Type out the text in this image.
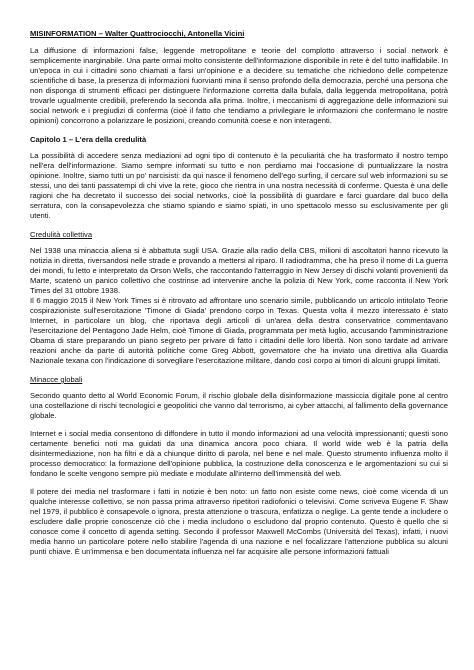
MISINFORMATION – Walter Quattrociocchi, Antonella Vicini

La diffusione di informazioni false, leggende metropolitane e teorie del complotto attraverso i social network è semplicemente inarginabile. Una parte ormai molto consistente dell'informazione disponibile in rete è del tutto inaffidabile. In un'epoca in cui i cittadini sono chiamati a farsi un'opinione e a decidere su tematiche che richiedono delle competenze scientifiche di base, la presenza di informazioni fuorvianti mina il senso profondo della democrazia, perché una persona che non disponga di strumenti efficaci per distinguere l'informazione corretta dalla bufala, dalla leggenda metropolitana, potrà trovarle ugualmente credibili, preferendo la seconda alla prima. Inoltre, i meccanismi di aggregazione delle informazioni sui social network e i pregiudizi di conferma (cioè il fatto che tendiamo a privilegiare le informazioni che confermano le nostre opinioni) concorrono a polarizzare le posizioni, creando comunità coese e non interagenti.

Capitolo 1 – L'era della credulità

La possibilità di accedere senza mediazioni ad ogni tipo di contenuto è la peculiarità che ha trasformato il nostro tempo nell'era dell'informazione. Siamo sempre informati su tutto e non perdiamo mai l'occasione di puntualizzare la nostra opinione. Inoltre, siamo tutti un po' narcisisti: da qui nasce il fenomeno dell'ego surfing, il cercare sul web informazioni su se stessi, uno dei tanti passatempi di chi vive la rete, gioco che rientra in una nostra necessità di conferme. Questa è una delle ragioni che ha decretato il successo dei social networks, cioè la possibilità di guardare e farci guardare dal buco della serratura, con la consapevolezza che stiamo spiando e siamo spiati, in uno spettacolo messo su esclusivamente per gli utenti.

Credulità collettiva

Nel 1938 una minaccia aliena si è abbattuta sugli USA. Grazie alla radio della CBS, milioni di ascoltatori hanno ricevuto la notizia in diretta, riversandosi nelle strade e provando a mettersi al riparo. Il radiodramma, che ha preso il nome di La guerra dei mondi, fu letto e interpretato da Orson Wells, che raccontando l'atterraggio in New Jersey di dischi volanti provenienti da Marte, scatenò un panico collettivo che costrinse ad intervenire anche la polizia di New York, come racconta il New York Times del 31 ottobre 1938.

Il 6 maggio 2015 il New York Times si è ritrovato ad affrontare uno scenario simile, pubblicando un articolo intitolato Teorie cospirazioniste sull'esercitazione 'Timone di Giada' prendono corpo in Texas. Questa volta il mezzo interessato è stato Internet, in particolare un blog, che riportava degli articoli di un'area della destra conservatrice commentavano l'esercitazione del Pentagono Jade Helm, cioè Timone di Giada, programmata per metà luglio, accusando l'amministrazione Obama di stare preparando un piano segreto per privare di fatto i cittadini delle loro libertà. Non sono tardate ad arrivare reazioni anche da parte di autorità politiche come Greg Abbott, governatore che ha inviato una direttiva alla Guardia Nazionale texana con l'indicazione di sorvegliare l'esercitazione militare, dando così corpo ai timori di alcuni gruppi limitati.

Minacce globali

Secondo quanto detto al World Economic Forum, il rischio globale della disinformazione massiccia digitale pone al centro una costellazione di rischi tecnologici e geopolitici che vanno dal terrorismo, ai cyber attacchi, al fallimento della governance globale.

Internet e i social media consentono di diffondere in tutto il mondo informazioni ad una velocità impressionanti; questi sono certamente benefici noti ma guidati da una dinamica ancora poco chiara. Il world wide web è la patria della disintermediazione, non ha filtri e dà a chiunque diritto di parola, nel bene e nel male. Questo strumento influenza molto il processo democratico: la formazione dell'opinione pubblica, la costruzione della conoscenza e le argomentazioni su cui si fondano le scelte vengono sempre più mediate e modulate all'interno dell'immensità del web.

Il potere dei media nel trasformare i fatti in notizie è ben noto: un fatto non esiste come news, cioè come vicenda di un qualche interesse collettivo, se non passa prima attraverso ripetitori radiofonici o televisivi. Come scriveva Eugene F. Shaw nel 1979, il pubblico è consapevole o ignora, presta attenzione o trascura, enfatizza o neglige. La gente tende a includere o escludere dalle proprie conoscenze ciò che i media includono o escludono dal proprio contenuto. Questo è quello che si conosce come il concetto di agenda setting. Secondo il professor Maxwell McCombs (Università del Texas), infatti, i nuovi media hanno un particolare potere nello stabilire l'agenda di una nazione e nel focalizzare l'attenzione pubblica su alcuni punti chiave. È un'immensa e ben documentata influenza nel far acquisire alle persone informazioni fattuali
